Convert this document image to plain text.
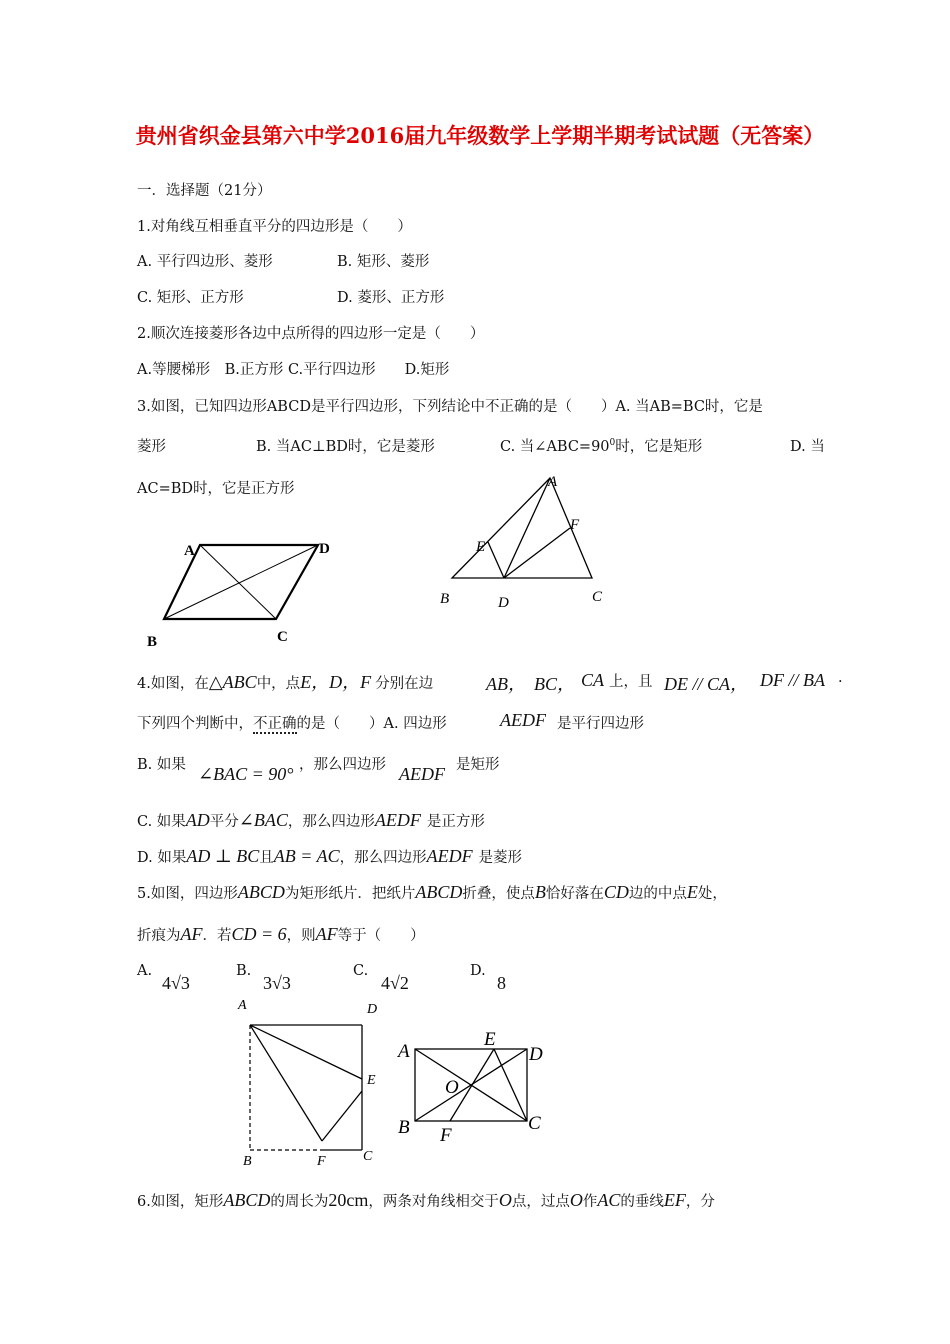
贵州省织金县第六中学2016届九年级数学上学期半期考试试题（无答案）
一．选择题（21分）
1.对角线互相垂直平分的四边形是（　　）
A. 平行四边形、菱形	B. 矩形、菱形
C. 矩形、正方形	D. 菱形、正方形
2.顺次连接菱形各边中点所得的四边形一定是（　　）
A.等腰梯形　B.正方形 C.平行四边形　　D.矩形
3.如图，已知四边形ABCD是平行四边形，下列结论中不正确的是（　　）A. 当AB=BC时，它是
菱形	B. 当AC⊥BD时，它是菱形	C. 当$\angle ABC=90^0$时，它是矩形	D. 当
AC=BD时，它是正方形
A	D
B	C
A
E
F
B	D	C
4.如图，在△ABC中，点E，D，F 分别在边	AB， BC， CA 上，且 DE // CA， DF // BA ·
下列四个判断中，不正确的是（　　）A. 四边形	AEDF 是平行四边形
B. 如果 ∠BAC = 90° ，那么四边形 AEDF 是矩形
C. 如果AD平分∠BAC，那么四边形AEDF 是正方形
D. 如果AD ⊥ BC且AB = AC，那么四边形AEDF 是菱形
5.如图，四边形ABCD为矩形纸片．把纸片ABCD折叠，使点B恰好落在CD边的中点E处，
折痕为AF．若CD = 6，则AF等于（　　）
A.
4√3
B.
3√3
C.
4√2
D.
8
A	D
E
B	F	C
A
E
D
O
B F
C
6.如图，矩形ABCD的周长为20cm，两条对角线相交于O点，过点O作AC的垂线EF，分
